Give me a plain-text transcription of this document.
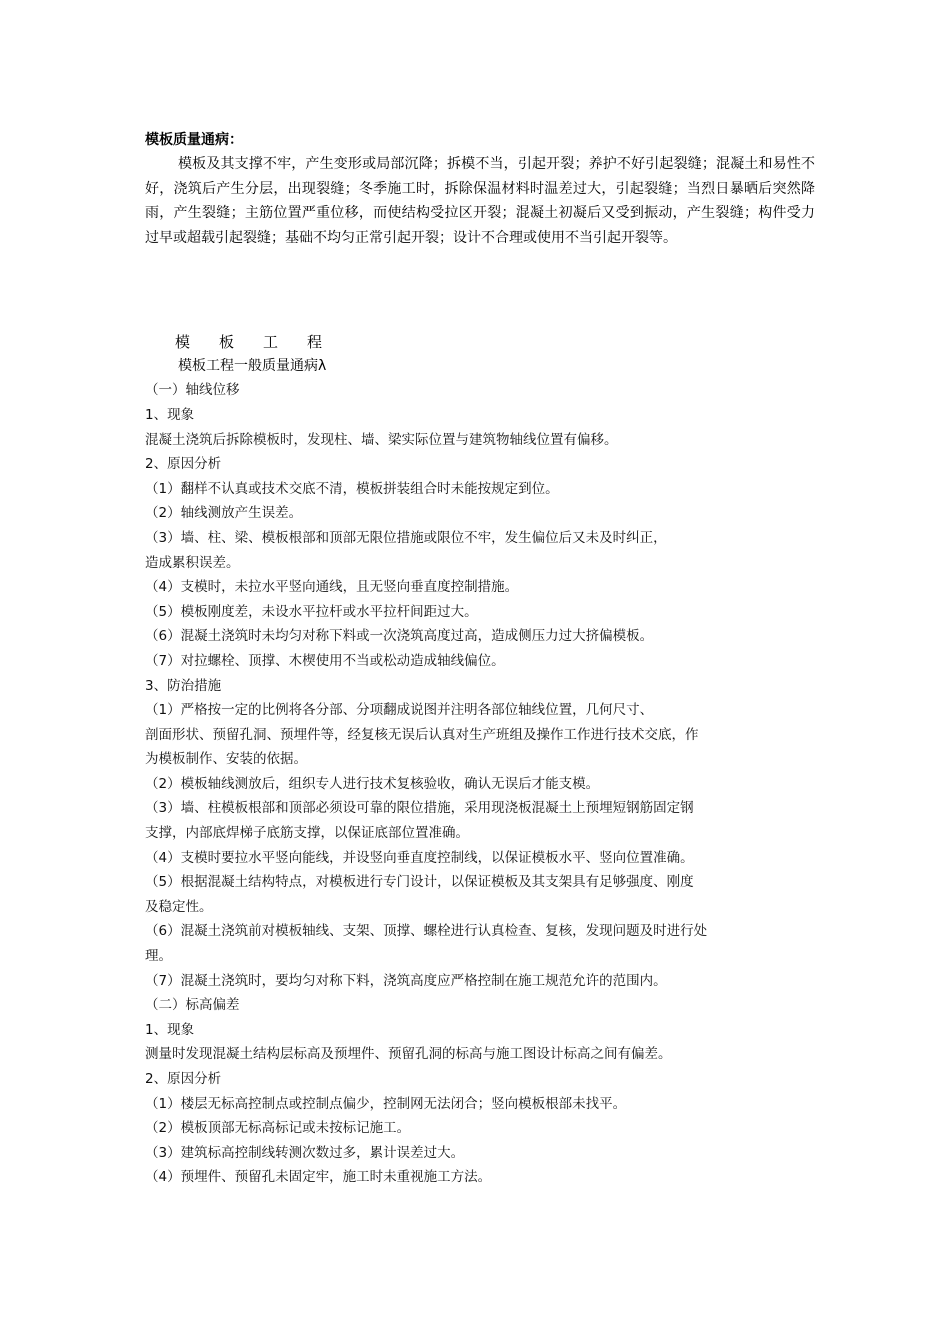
模板质量通病：

模板及其支撑不牢，产生变形或局部沉降；拆模不当，引起开裂；养护不好引起裂缝；混凝土和易性不好，浇筑后产生分层，出现裂缝；冬季施工时，拆除保温材料时温差过大，引起裂缝；当烈日暴晒后突然降雨，产生裂缝；主筋位置严重位移，而使结构受拉区开裂；混凝土初凝后又受到振动，产生裂缝；构件受力过早或超载引起裂缝；基础不均匀正常引起开裂；设计不合理或使用不当引起开裂等。

模 板 工 程
模板工程一般质量通病λ

（一）轴线位移

1、现象

混凝土浇筑后拆除模板时，发现柱、墙、梁实际位置与建筑物轴线位置有偏移。

2、原因分析

（1）翻样不认真或技术交底不清，模板拼装组合时未能按规定到位。

（2）轴线测放产生误差。

（3）墙、柱、梁、模板根部和顶部无限位措施或限位不牢，发生偏位后又未及时纠正，

造成累积误差。

（4）支模时，未拉水平竖向通线，且无竖向垂直度控制措施。

（5）模板刚度差，未设水平拉杆或水平拉杆间距过大。

（6）混凝土浇筑时未均匀对称下料或一次浇筑高度过高，造成侧压力过大挤偏模板。

（7）对拉螺栓、顶撑、木楔使用不当或松动造成轴线偏位。

3、防治措施

（1）严格按一定的比例将各分部、分项翻成说图并注明各部位轴线位置，几何尺寸、

剖面形状、预留孔洞、预埋件等，经复核无误后认真对生产班组及操作工作进行技术交底，作

为模板制作、安装的依据。

（2）模板轴线测放后，组织专人进行技术复核验收，确认无误后才能支模。

（3）墙、柱模板根部和顶部必须设可靠的限位措施，采用现浇板混凝土上预埋短钢筋固定钢

支撑，内部底焊梯子底筋支撑，以保证底部位置准确。

（4）支模时要拉水平竖向能线，并设竖向垂直度控制线，以保证模板水平、竖向位置准确。

（5）根据混凝土结构特点，对模板进行专门设计，以保证模板及其支架具有足够强度、刚度

及稳定性。

（6）混凝土浇筑前对模板轴线、支架、顶撑、螺栓进行认真检查、复核，发现问题及时进行处

理。

（7）混凝土浇筑时，要均匀对称下料，浇筑高度应严格控制在施工规范允许的范围内。

（二）标高偏差

1、现象

测量时发现混凝土结构层标高及预埋件、预留孔洞的标高与施工图设计标高之间有偏差。

2、原因分析

（1）楼层无标高控制点或控制点偏少，控制网无法闭合；竖向模板根部未找平。

（2）模板顶部无标高标记或未按标记施工。

（3）建筑标高控制线转测次数过多，累计误差过大。

（4）预埋件、预留孔未固定牢，施工时未重视施工方法。
